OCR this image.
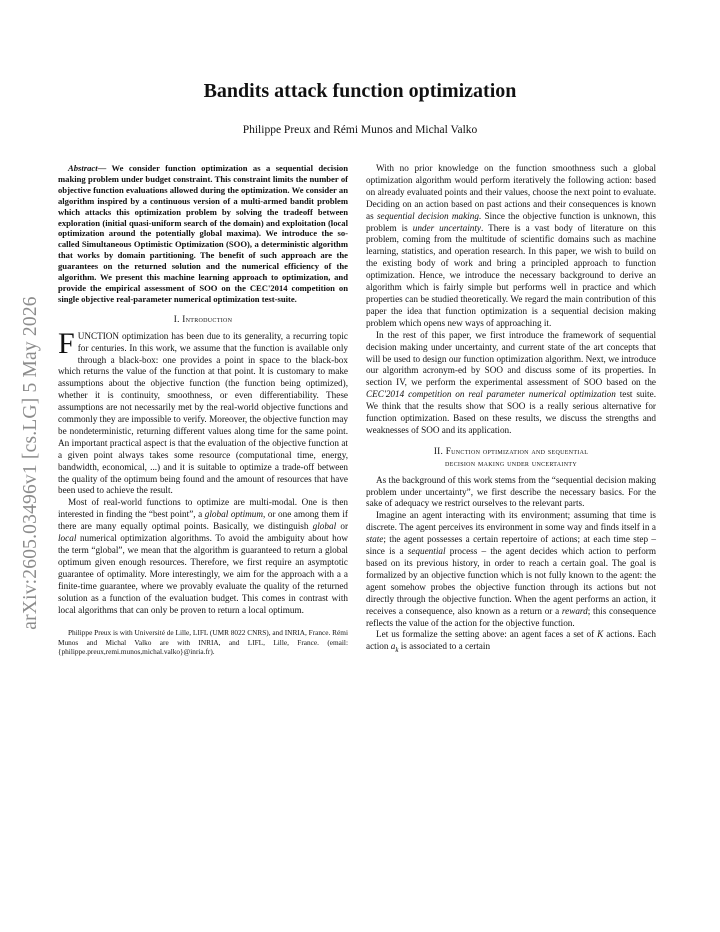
arXiv:2605.03496v1 [cs.LG] 5 May 2026
Bandits attack function optimization
Philippe Preux and Rémi Munos and Michal Valko

Abstract— We consider function optimization as a sequential decision making problem under budget constraint. This constraint limits the number of objective function evaluations allowed during the optimization. We consider an algorithm inspired by a continuous version of a multi-armed bandit problem which attacks this optimization problem by solving the tradeoff between exploration (initial quasi-uniform search of the domain) and exploitation (local optimization around the potentially global maxima). We introduce the so-called Simultaneous Optimistic Optimization (SOO), a deterministic algorithm that works by domain partitioning. The benefit of such approach are the guarantees on the returned solution and the numerical efficiency of the algorithm. We present this machine learning approach to optimization, and provide the empirical assessment of SOO on the CEC'2014 competition on single objective real-parameter numerical optimization test-suite.

I. Introduction

FUNCTION optimization has been due to its generality, a recurring topic for centuries. In this work, we assume that the function is available only through a black-box: one provides a point in space to the black-box which returns the value of the function at that point. It is customary to make assumptions about the objective function (the function being optimized), whether it is continuity, smoothness, or even differentiability. These assumptions are not necessarily met by the real-world objective functions and commonly they are impossible to verify. Moreover, the objective function may be nondeterministic, returning different values along time for the same point. An important practical aspect is that the evaluation of the objective function at a given point always takes some resource (computational time, energy, bandwidth, economical, ...) and it is suitable to optimize a trade-off between the quality of the optimum being found and the amount of resources that have been used to achieve the result.

Most of real-world functions to optimize are multi-modal. One is then interested in finding the “best point”, a global optimum, or one among them if there are many equally optimal points. Basically, we distinguish global or local numerical optimization algorithms. To avoid the ambiguity about how the term “global”, we mean that the algorithm is guaranteed to return a global optimum given enough resources. Therefore, we first require an asymptotic guarantee of optimality. More interestingly, we aim for the approach with a a finite-time guarantee, where we provably evaluate the quality of the returned solution as a function of the evaluation budget. This comes in contrast with local algorithms that can only be proven to return a local optimum.

Philippe Preux is with Université de Lille, LIFL (UMR 8022 CNRS), and INRIA, France. Rémi Munos and Michal Valko are with INRIA, and LIFL, Lille, France. (email: {philippe.preux,remi.munos,michal.valko}@inria.fr).

With no prior knowledge on the function smoothness such a global optimization algorithm would perform iteratively the following action: based on already evaluated points and their values, choose the next point to evaluate. Deciding on an action based on past actions and their consequences is known as sequential decision making. Since the objective function is unknown, this problem is under uncertainty. There is a vast body of literature on this problem, coming from the multitude of scientific domains such as machine learning, statistics, and operation research. In this paper, we wish to build on the existing body of work and bring a principled approach to function optimization. Hence, we introduce the necessary background to derive an algorithm which is fairly simple but performs well in practice and which properties can be studied theoretically. We regard the main contribution of this paper the idea that function optimization is a sequential decision making problem which opens new ways of approaching it.

In the rest of this paper, we first introduce the framework of sequential decision making under uncertainty, and current state of the art concepts that will be used to design our function optimization algorithm. Next, we introduce our algorithm acronym-ed by SOO and discuss some of its properties. In section IV, we perform the experimental assessment of SOO based on the CEC'2014 competition on real parameter numerical optimization test suite. We think that the results show that SOO is a really serious alternative for function optimization. Based on these results, we discuss the strengths and weaknesses of SOO and its application.

II. Function optimization and sequential
decision making under uncertainty

As the background of this work stems from the “sequential decision making problem under uncertainty”, we first describe the necessary basics. For the sake of adequacy we restrict ourselves to the relevant parts.

Imagine an agent interacting with its environment; assuming that time is discrete. The agent perceives its environment in some way and finds itself in a state; the agent possesses a certain repertoire of actions; at each time step – since is a sequential process – the agent decides which action to perform based on its previous history, in order to reach a certain goal. The goal is formalized by an objective function which is not fully known to the agent: the agent somehow probes the objective function through its actions but not directly through the objective function. When the agent performs an action, it receives a consequence, also known as a return or a reward; this consequence reflects the value of the action for the objective function.

Let us formalize the setting above: an agent faces a set of K actions. Each action $a_k$ is associated to a certain
